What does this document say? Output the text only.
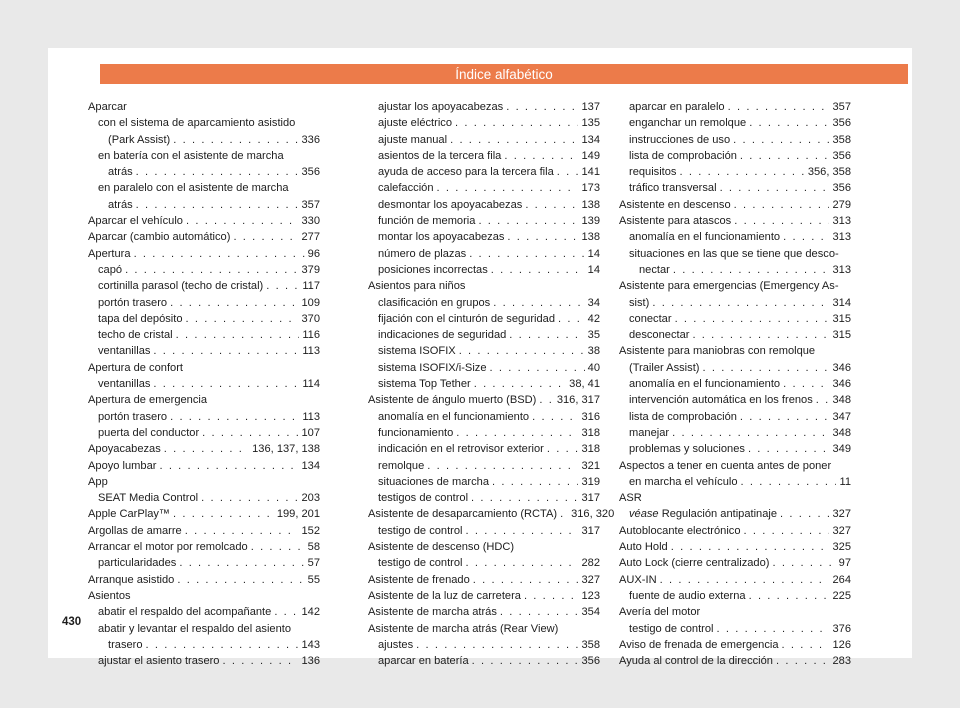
Índice alfabético
Aparcar
con el sistema de aparcamiento asistido
(Park Assist) . . .	336
en batería con el asistente de marcha
atrás . . .	356
en paralelo con el asistente de marcha
atrás . . .	357
Aparcar el vehículo . . .	330
Aparcar (cambio automático) . . .	277
Apertura . . .	96
capó . . .	379
cortinilla parasol (techo de cristal) . . .	117
portón trasero . . .	109
tapa del depósito . . .	370
techo de cristal . . .	116
ventanillas . . .	113
Apertura de confort
ventanillas . . .	114
Apertura de emergencia
portón trasero . . .	113
puerta del conductor . . .	107
Apoyacabezas . . .	136, 137, 138
Apoyo lumbar . . .	134
App
SEAT Media Control . . .	203
Apple CarPlay™ . . .	199, 201
Argollas de amarre . . .	152
Arrancar el motor por remolcado . . .	58
particularidades . . .	57
Arranque asistido . . .	55
Asientos
abatir el respaldo del acompañante . . .	142
abatir y levantar el respaldo del asiento
trasero . . .	143
ajustar el asiento trasero . . .	136
ajustar los apoyacabezas . . .	137
ajuste eléctrico . . .	135
ajuste manual . . .	134
asientos de la tercera fila . . .	149
ayuda de acceso para la tercera fila . . . 141
calefacción . . .	173
desmontar los apoyacabezas . . .	138
función de memoria . . .	139
montar los apoyacabezas . . .	138
número de plazas . . .	14
posiciones incorrectas . . .	14
Asientos para niños
clasificación en grupos . . .	34
fijación con el cinturón de seguridad . . .	42
indicaciones de seguridad . . .	35
sistema ISOFIX . . .	38
sistema ISOFIX/i-Size . . .	40
sistema Top Tether . . .	38, 41
Asistente de ángulo muerto (BSD) . . . 316, 317
anomalía en el funcionamiento . . .	316
funcionamiento . . .	318
indicación en el retrovisor exterior . . .	318
remolque . . .	321
situaciones de marcha . . .	319
testigos de control . . .	317
Asistente de desaparcamiento (RCTA) . . . 316, 320
testigo de control . . .	317
Asistente de descenso (HDC)
testigo de control . . .	282
Asistente de frenado . . .	327
Asistente de la luz de carretera . . .	123
Asistente de marcha atrás . . .	354
Asistente de marcha atrás (Rear View)
ajustes . . .	358
aparcar en batería . . .	356
aparcar en paralelo . . .	357
enganchar un remolque . . .	356
instrucciones de uso . . .	358
lista de comprobación . . .	356
requisitos . . .	356, 358
tráfico transversal . . .	356
Asistente en descenso . . .	279
Asistente para atascos . . .	313
anomalía en el funcionamiento . . .	313
situaciones en las que se tiene que desco-
nectar . . .	313
Asistente para emergencias (Emergency As-
sist) . . .	314
conectar . . .	315
desconectar . . .	315
Asistente para maniobras con remolque
(Trailer Assist) . . .	346
anomalía en el funcionamiento . . .	346
intervención automática en los frenos . . . 348
lista de comprobación . . .	347
manejar . . .	348
problemas y soluciones . . .	349
Aspectos a tener en cuenta antes de poner
en marcha el vehículo . . .	11
ASR
véase Regulación antipatinaje . . .	327
Autoblocante electrónico . . .	327
Auto Hold . . .	325
Auto Lock (cierre centralizado) . . .	97
AUX-IN . . .	264
fuente de audio externa . . .	225
Avería del motor
testigo de control . . .	376
Aviso de frenada de emergencia . . .	126
Ayuda al control de la dirección . . .	283
430
